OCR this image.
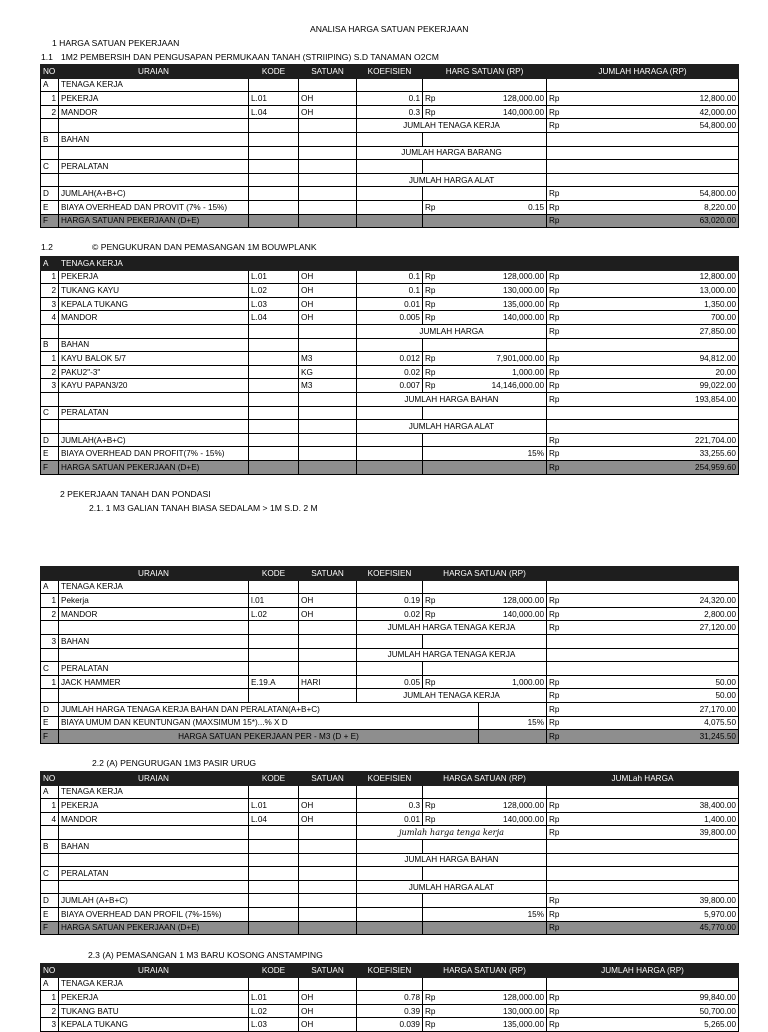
ANALISA HARGA SATUAN PEKERJAAN
1 HARGA SATUAN PEKERJAAN
1.1 1M2 PEMBERSIH DAN PENGUSAPAN PERMUKAAN TANAH (STRIIPING) S.D TANAMAN O2CM
NO	URAIAN	KODE	SATUAN	KOEFISIEN	HARG SATUAN (RP)	JUMLAH HARAGA (RP)
A	TENAGA KERJA					
1	PEKERJA	L.01	OH	0.1	Rp 128,000.00	Rp 12,800.00

2	MANDOR	L.04	OH	0.3	Rp 140,000.00	Rp 42,000.00

				JUMLAH TENAGA KERJA		Rp 54,800.00

B	BAHAN					
				JUMLAH HARGA BARANG		
C	PERALATAN					
				JUMLAH HARGA ALAT		
D	JUMLAH(A+B+C)					Rp 54,800.00

E	BIAYA OVERHEAD DAN PROVIT (7% - 15%)				Rp 0.15	Rp 8,220.00

F	HARGA SATUAN PEKERJAAN (D+E)					Rp 63,020.00
1.2	© PENGUKURAN DAN PEMASANGAN 1M BOUWPLANK
A	TENAGA KERJA					
1	PEKERJA	L.01	OH	0.1	Rp 128,000.00	Rp 12,800.00

2	TUKANG KAYU	L.02	OH	0.1	Rp 130,000.00	Rp 13,000.00

3	KEPALA TUKANG	L.03	OH	0.01	Rp 135,000.00	Rp 1,350.00

4	MANDOR	L.04	OH	0.005	Rp 140,000.00	Rp 700.00

				JUMLAH HARGA		Rp 27,850.00

B	BAHAN					
1	KAYU BALOK 5/7		M3	0.012	Rp 7,901,000.00	Rp 94,812.00

2	PAKU2"-3"		KG	0.02	Rp 1,000.00	Rp 20.00

3	KAYU PAPAN3/20		M3	0.007	Rp 14,146,000.00	Rp 99,022.00

				JUMLAH HARGA BAHAN		Rp 193,854.00

C	PERALATAN					
				JUMLAH HARGA ALAT		
D	JUMLAH(A+B+C)					Rp 221,704.00

E	BIAYA OVERHEAD DAN PROFIT(7% - 15%)				15%	Rp 33,255.60

F	HARGA SATUAN PEKERJAAN (D+E)					Rp 254,959.60
2 PEKERJAAN TANAH DAN PONDASI
2.1. 1 M3 GALIAN TANAH BIASA SEDALAM > 1M S.D. 2 M
	URAIAN	KODE	SATUAN	KOEFISIEN	HARGA SATUAN (RP)		
A	TENAGA KERJA						
1	Pekerja	l.01	OH	0.19	Rp 128,000.00		Rp 24,320.00

2	MANDOR	L.02	OH	0.02	Rp 140,000.00		Rp 2,800.00

				JUMLAH HARGA TENAGA KERJA			Rp 27,120.00

3	BAHAN						
				JUMLAH HARGA TENAGA KERJA			
C	PERALATAN						
1	JACK HAMMER	E.19.A	HARI	0.05	Rp 1,000.00		Rp 50.00

				JUMLAH TENAGA KERJA			Rp 50.00

D	JUMLAH HARGA TENAGA KERJA BAHAN DAN PERALATAN(A+B+C)						Rp 27,170.00

E	BIAYA UMUM DAN KEUNTUNGAN (MAXSIMUM 15*)...% X D					15%	Rp 4,075.50

F	HARGA SATUAN PEKERJAAN PER - M3 (D + E)						Rp 31,245.50
2.2 (A) PENGURUGAN 1M3 PASIR URUG
NO	URAIAN	KODE	SATUAN	KOEFISIEN	HARGA SATUAN (RP)	JUMLah HARGA
A	TENAGA KERJA					
1	PEKERJA	L.01	OH	0.3	Rp 128,000.00	Rp 38,400.00

4	MANDOR	L.04	OH	0.01	Rp 140,000.00	Rp 1,400.00

				jumlah harga tenga kerja		Rp 39,800.00

B	BAHAN					
				JUMLAH HARGA BAHAN		
C	PERALATAN					
				JUMLAH HARGA ALAT		
D	JUMLAH (A+B+C)					Rp 39,800.00

E	BIAYA OVERHEAD DAN PROFIL (7%-15%)				15%	Rp 5,970.00

F	HARGA SATUAN PEKERJAAN (D+E)					Rp 45,770.00
2.3 (A) PEMASANGAN 1 M3 BARU KOSONG ANSTAMPING
NO	URAIAN	KODE	SATUAN	KOEFISIEN	HARGA SATUAN (RP)	JUMLAH HARGA (RP)
A	TENAGA KERJA					
1	PEKERJA	L.01	OH	0.78	Rp 128,000.00	Rp 99,840.00

2	TUKANG BATU	L.02	OH	0.39	Rp 130,000.00	Rp 50,700.00

3	KEPALA TUKANG	L.03	OH	0.039	Rp 135,000.00	Rp 5,265.00
